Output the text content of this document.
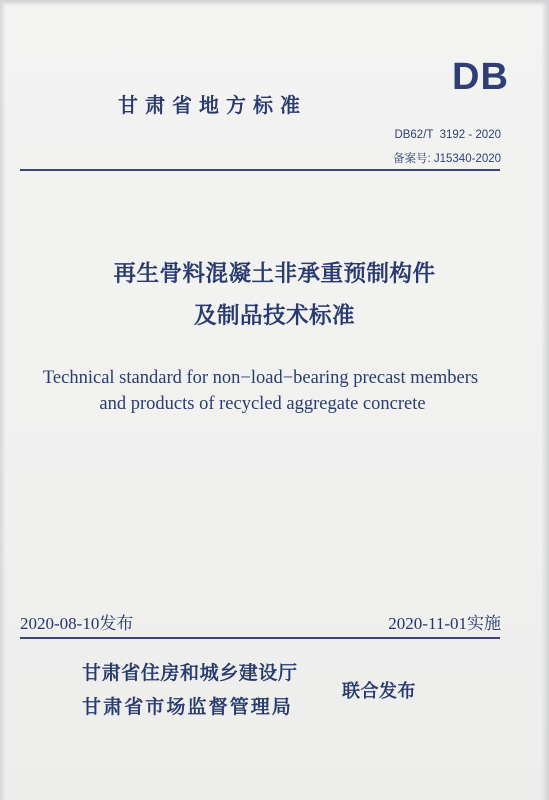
DB
甘肃省地方标准
DB62/T  3192 - 2020
备案号: J15340-2020
再生骨料混凝土非承重预制构件
及制品技术标准
Technical standard for non−load−bearing precast members
and products of recycled aggregate concrete
2020-08-10发布	2020-11-01实施
甘肃省住房和城乡建设厅
甘肃省市场监督管理局
联合发布
